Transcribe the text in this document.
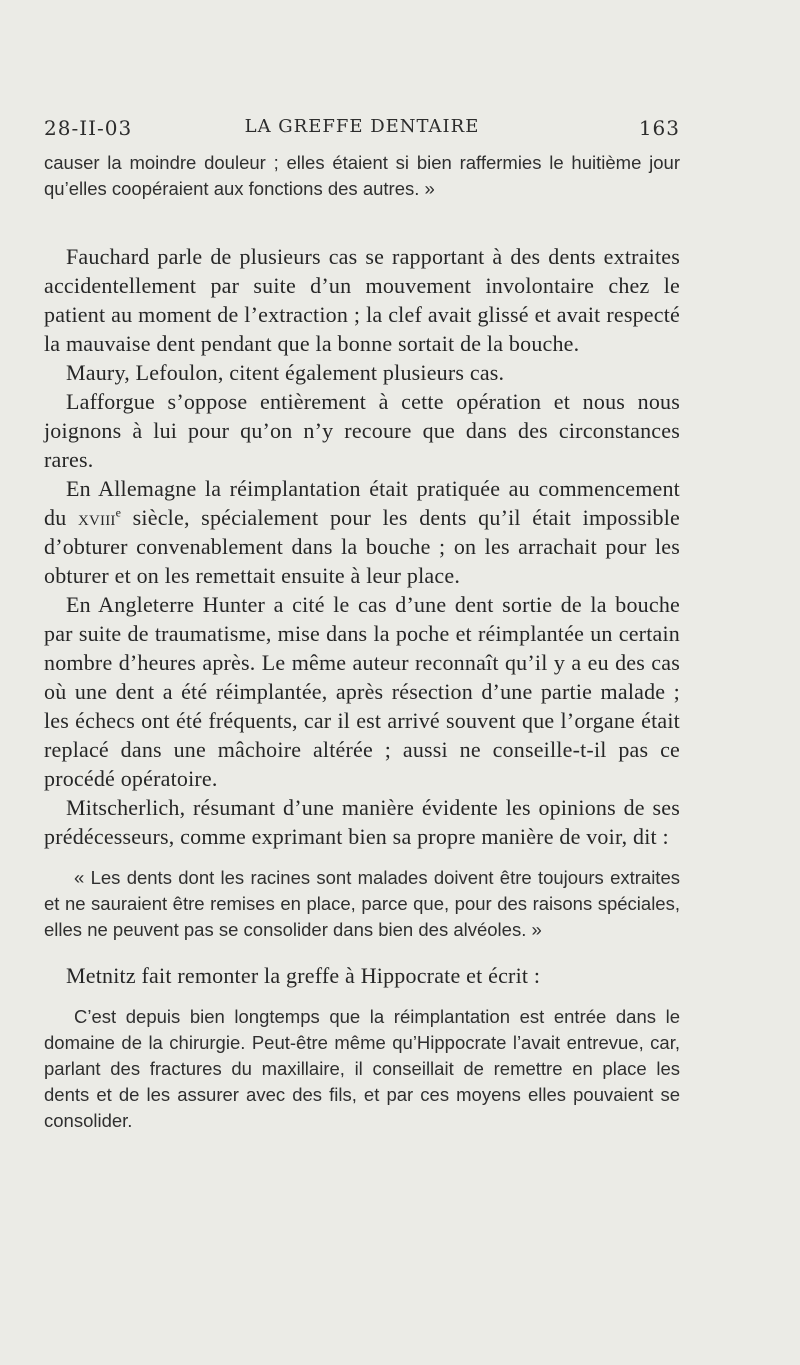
28-II-03	LA GREFFE DENTAIRE	163

causer la moindre douleur ; elles étaient si bien raffermies le huitième jour qu’elles coopéraient aux fonctions des autres. »

Fauchard parle de plusieurs cas se rapportant à des dents extraites accidentellement par suite d’un mouvement involontaire chez le patient au moment de l’extraction ; la clef avait glissé et avait respecté la mauvaise dent pendant que la bonne sortait de la bouche.

Maury, Lefoulon, citent également plusieurs cas.

Lafforgue s’oppose entièrement à cette opération et nous nous joignons à lui pour qu’on n’y recoure que dans des circonstances rares.

En Allemagne la réimplantation était pratiquée au commencement du xviii$^e$ siècle, spécialement pour les dents qu’il était impossible d’obturer convenablement dans la bouche ; on les arrachait pour les obturer et on les remettait ensuite à leur place.

En Angleterre Hunter a cité le cas d’une dent sortie de la bouche par suite de traumatisme, mise dans la poche et réimplantée un certain nombre d’heures après. Le même auteur reconnaît qu’il y a eu des cas où une dent a été réimplantée, après résection d’une partie malade ; les échecs ont été fréquents, car il est arrivé souvent que l’organe était replacé dans une mâchoire altérée ; aussi ne conseille-t-il pas ce procédé opératoire.

Mitscherlich, résumant d’une manière évidente les opinions de ses prédécesseurs, comme exprimant bien sa propre manière de voir, dit :

« Les dents dont les racines sont malades doivent être toujours extraites et ne sauraient être remises en place, parce que, pour des raisons spéciales, elles ne peuvent pas se consolider dans bien des alvéoles. »

Metnitz fait remonter la greffe à Hippocrate et écrit :

C’est depuis bien longtemps que la réimplantation est entrée dans le domaine de la chirurgie. Peut-être même qu’Hippocrate l’avait entrevue, car, parlant des fractures du maxillaire, il conseillait de remettre en place les dents et de les assurer avec des fils, et par ces moyens elles pouvaient se consolider.
